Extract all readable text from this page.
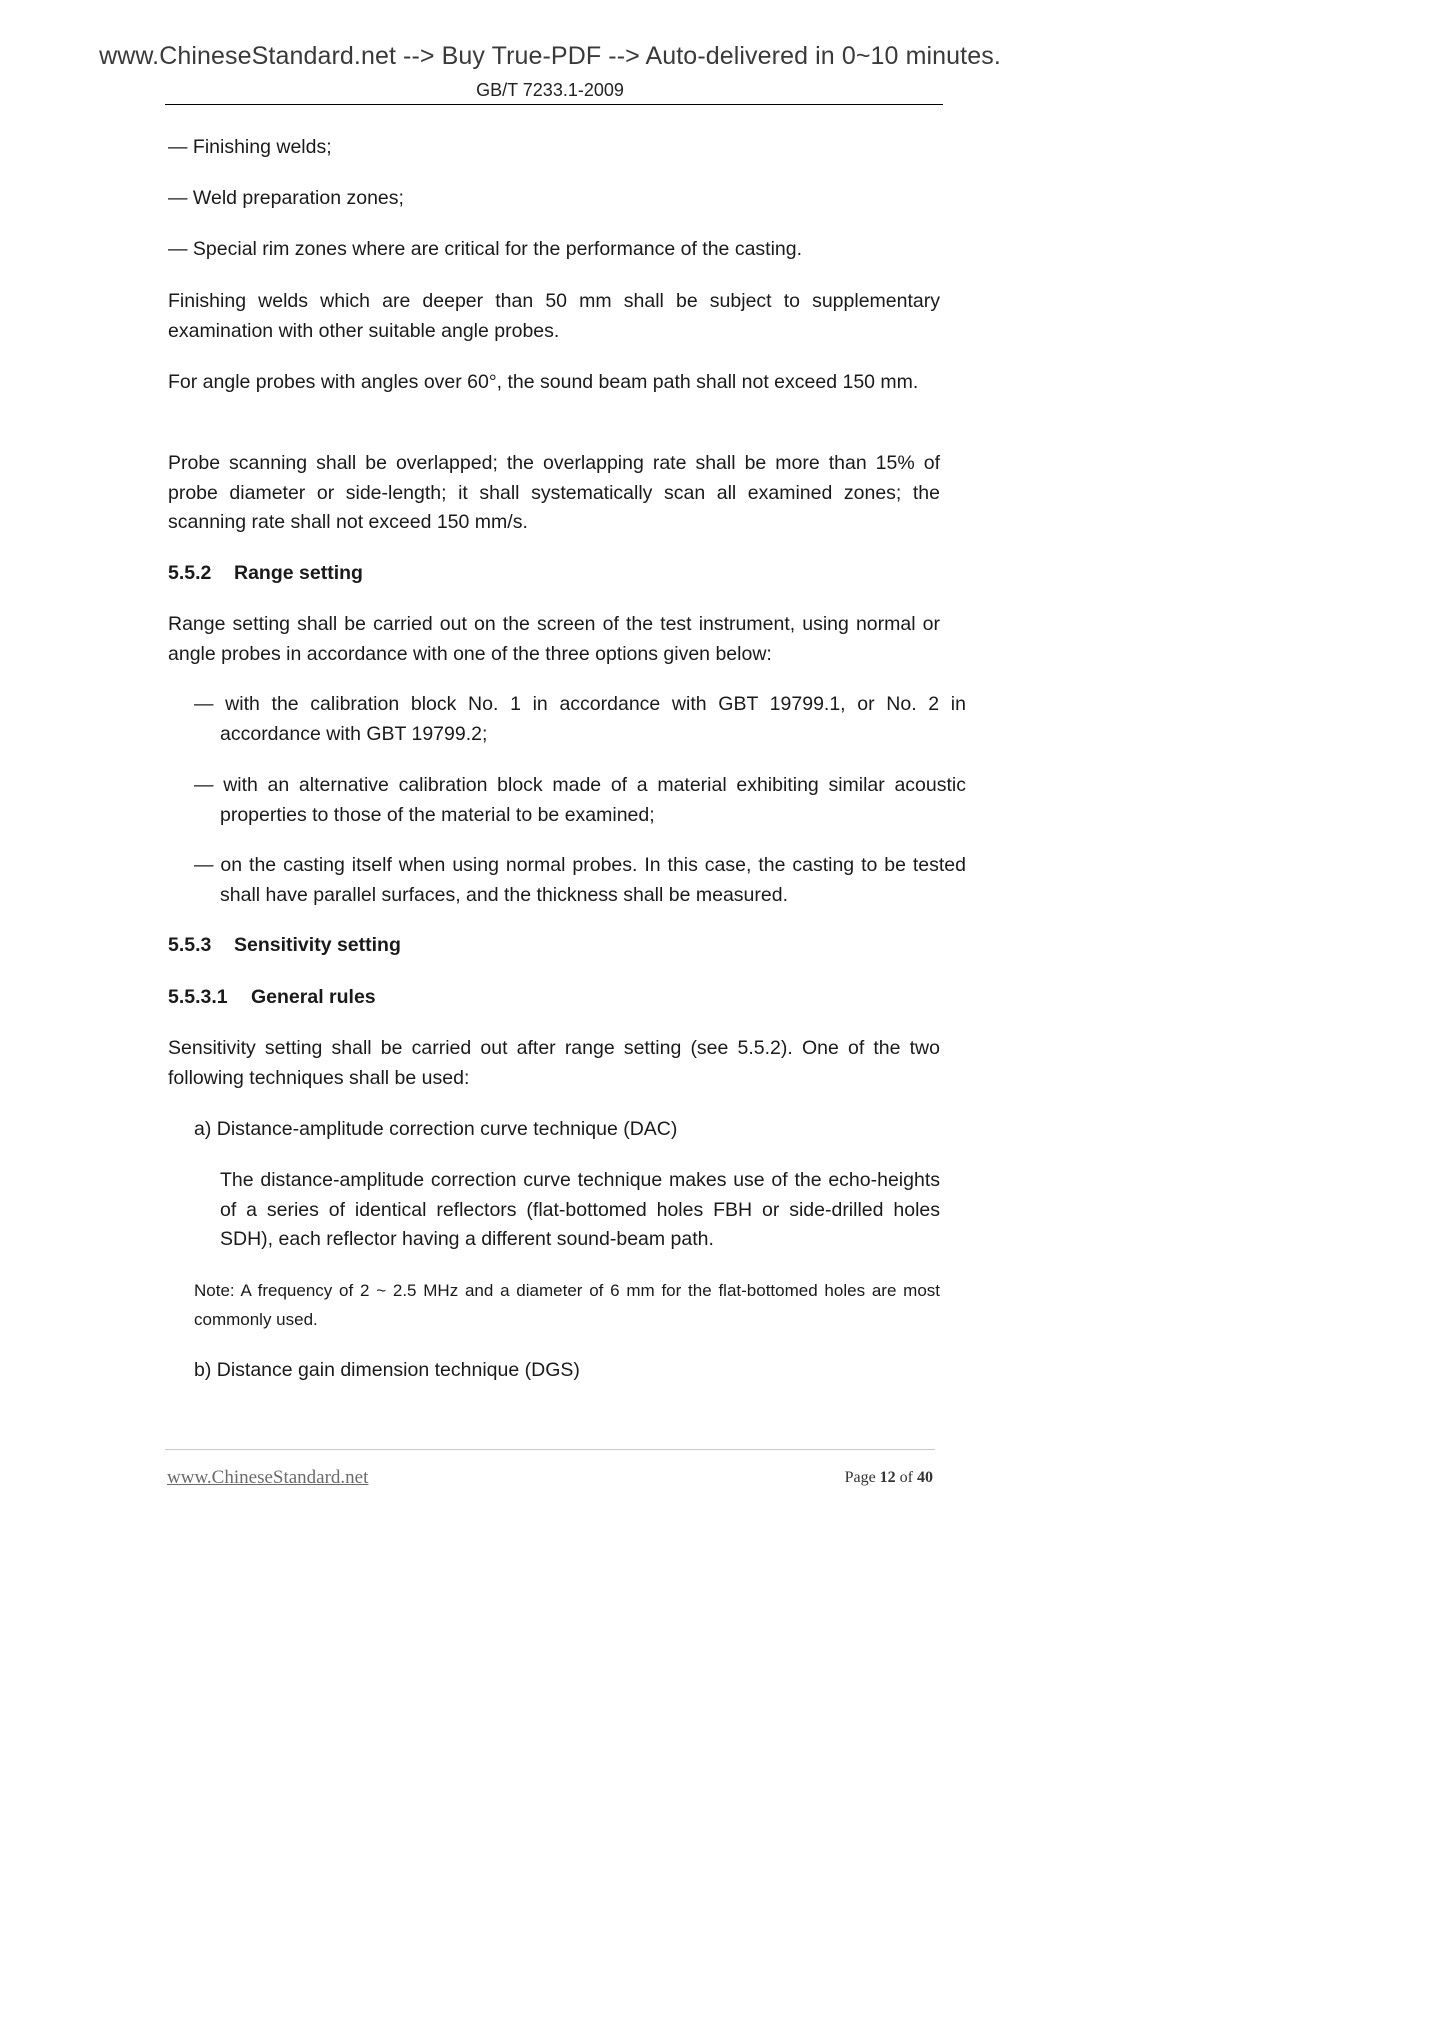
www.ChineseStandard.net --> Buy True-PDF --> Auto-delivered in 0~10 minutes.
GB/T 7233.1-2009
— Finishing welds;
— Weld preparation zones;
— Special rim zones where are critical for the performance of the casting.
Finishing welds which are deeper than 50 mm shall be subject to supplementary examination with other suitable angle probes.
For angle probes with angles over 60°, the sound beam path shall not exceed 150 mm.
Probe scanning shall be overlapped; the overlapping rate shall be more than 15% of probe diameter or side-length; it shall systematically scan all examined zones; the scanning rate shall not exceed 150 mm/s.
5.5.2 Range setting
Range setting shall be carried out on the screen of the test instrument, using normal or angle probes in accordance with one of the three options given below:
— with the calibration block No. 1 in accordance with GBT 19799.1, or No. 2 in accordance with GBT 19799.2;
— with an alternative calibration block made of a material exhibiting similar acoustic properties to those of the material to be examined;
— on the casting itself when using normal probes. In this case, the casting to be tested shall have parallel surfaces, and the thickness shall be measured.
5.5.3 Sensitivity setting
5.5.3.1 General rules
Sensitivity setting shall be carried out after range setting (see 5.5.2). One of the two following techniques shall be used:
a) Distance-amplitude correction curve technique (DAC)
The distance-amplitude correction curve technique makes use of the echo-heights of a series of identical reflectors (flat-bottomed holes FBH or side-drilled holes SDH), each reflector having a different sound-beam path.
Note: A frequency of 2 ~ 2.5 MHz and a diameter of 6 mm for the flat-bottomed holes are most commonly used.
b) Distance gain dimension technique (DGS)
www.ChineseStandard.net	Page 12 of 40
